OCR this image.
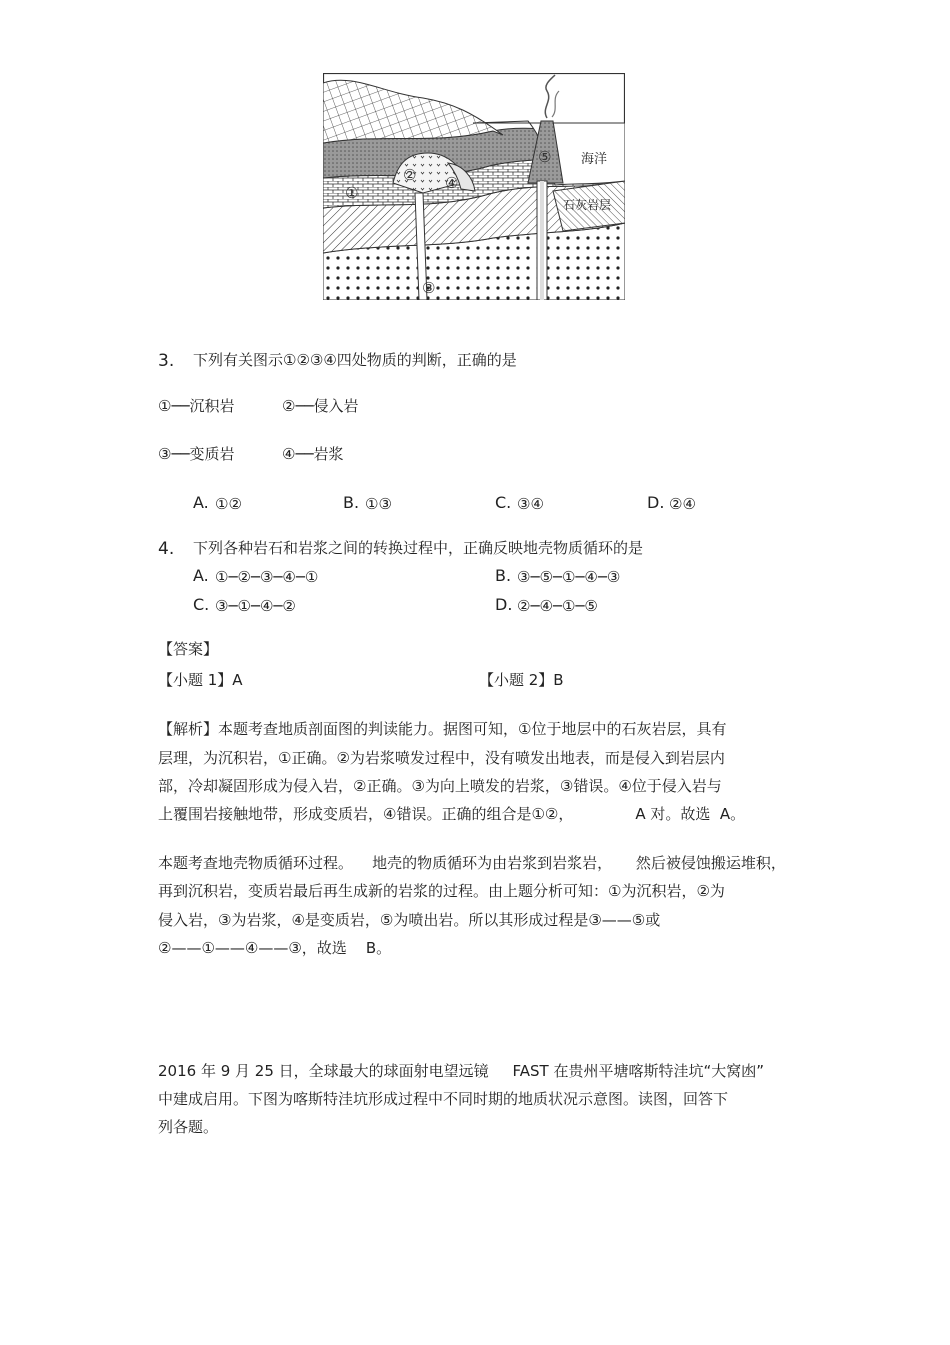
①
②
③
④
⑤ 海洋
石灰岩层
3. 下列有关图示①②③④四处物质的判断，正确的是
①──沉积岩	②──侵入岩
③──变质岩	④──岩浆
A. ①②	B. ①③	C. ③④	D. ②④
4. 下列各种岩石和岩浆之间的转换过程中，正确反映地壳物质循环的是
A. ①─②─③─④─①	B. ③─⑤─①─④─③
C. ③─①─④─②	D. ②─④─①─⑤
【答案】
【小题 1】A	【小题 2】B
【解析】本题考查地质剖面图的判读能力。据图可知，①位于地层中的石灰岩层，具有
层理，为沉积岩，①正确。②为岩浆喷发过程中，没有喷发出地表，而是侵入到岩层内
部，冷却凝固形成为侵入岩，②正确。③为向上喷发的岩浆，③错误。④位于侵入岩与
上覆围岩接触地带，形成变质岩，④错误。正确的组合是①②，             A 对。故选  A。
本题考查地壳物质循环过程。    地壳的物质循环为由岩浆到岩浆岩，     然后被侵蚀搬运堆积，
再到沉积岩，变质岩最后再生成新的岩浆的过程。由上题分析可知：①为沉积岩，②为
侵入岩，③为岩浆，④是变质岩，⑤为喷出岩。所以其形成过程是③——⑤或
②——①——④——③，故选    B。
2016 年 9 月 25 日，全球最大的球面射电望远镜     FAST 在贵州平塘喀斯特洼坑“大窝凼”
中建成启用。下图为喀斯特洼坑形成过程中不同时期的地质状况示意图。读图，回答下
列各题。
